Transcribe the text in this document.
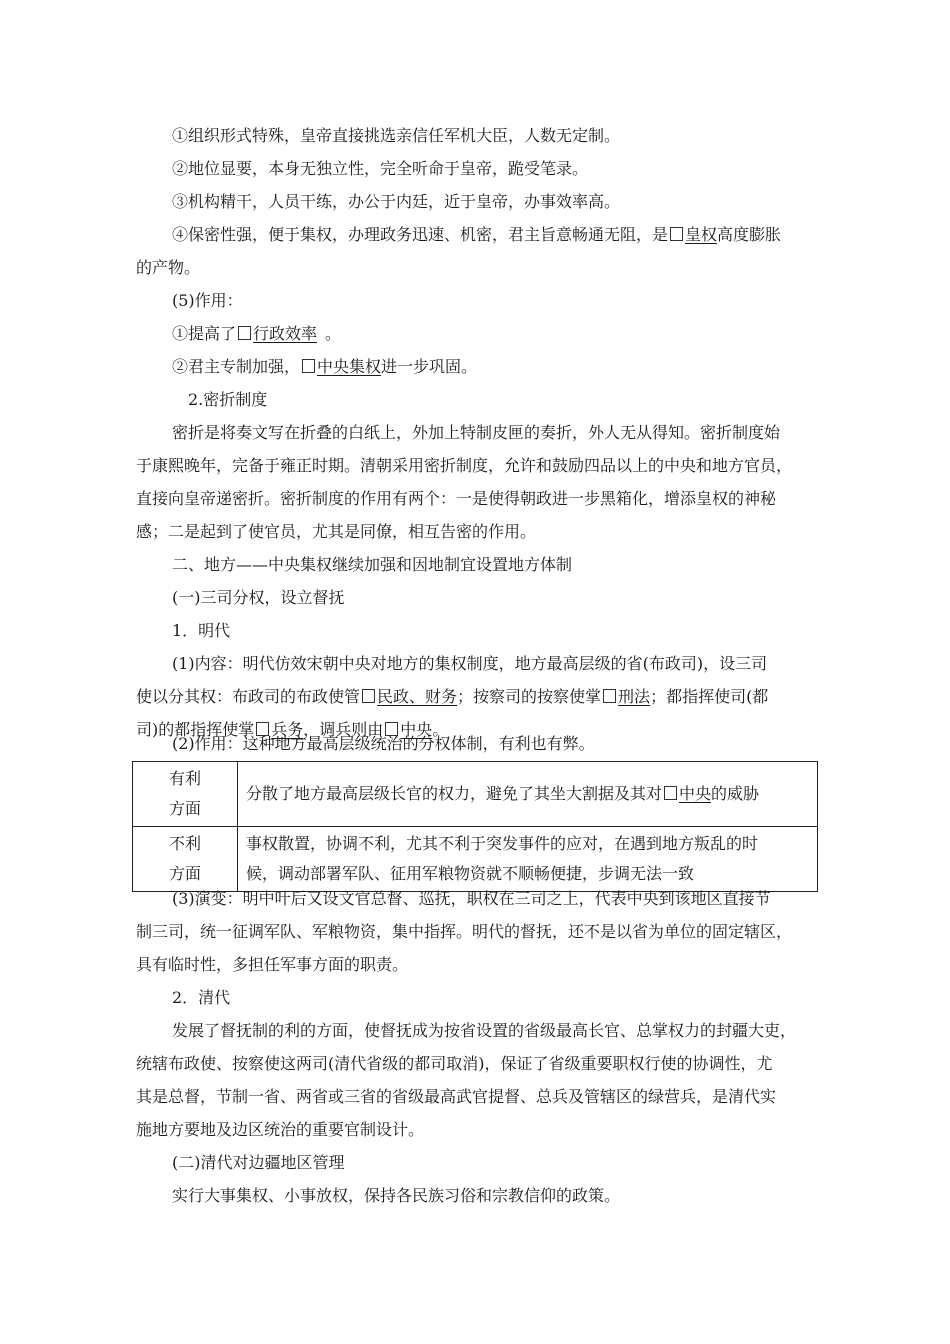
①组织形式特殊，皇帝直接挑选亲信任军机大臣，人数无定制。
②地位显要，本身无独立性，完全听命于皇帝，跪受笔录。
③机构精干，人员干练，办公于内廷，近于皇帝，办事效率高。
④保密性强，便于集权，办理政务迅速、机密，君主旨意畅通无阻，是 皇权高度膨胀
的产物。
(5)作用：
①提高了 行政效率 。
②君主专制加强， 中央集权进一步巩固。
2.密折制度
密折是将奏文写在折叠的白纸上，外加上特制皮匣的奏折，外人无从得知。密折制度始
于康熙晚年，完备于雍正时期。清朝采用密折制度，允许和鼓励四品以上的中央和地方官员，
直接向皇帝递密折。密折制度的作用有两个：一是使得朝政进一步黑箱化，增添皇权的神秘
感；二是起到了使官员，尤其是同僚，相互告密的作用。
二、地方——中央集权继续加强和因地制宜设置地方体制
(一)三司分权，设立督抚
1．明代
(1)内容：明代仿效宋朝中央对地方的集权制度，地方最高层级的省(布政司)，设三司
使以分其权：布政司的布政使管 民政、财务；按察司的按察使掌 刑法；都指挥使司(都
司)的都指挥使掌 兵务，调兵则由 中央。
(2)作用：这种地方最高层级统治的分权体制，有利也有弊。
有利
方面	分散了地方最高层级长官的权力，避免了其坐大割据及其对 中央的威胁
不利
方面	事权散置，协调不利，尤其不利于突发事件的应对，在遇到地方叛乱的时
候，调动部署军队、征用军粮物资就不顺畅便捷，步调无法一致
(3)演变：明中叶后又设文官总督、巡抚，职权在三司之上，代表中央到该地区直接节
制三司，统一征调军队、军粮物资，集中指挥。明代的督抚，还不是以省为单位的固定辖区，
具有临时性，多担任军事方面的职责。
2．清代
发展了督抚制的利的方面，使督抚成为按省设置的省级最高长官、总掌权力的封疆大吏，
统辖布政使、按察使这两司(清代省级的都司取消)，保证了省级重要职权行使的协调性，尤
其是总督，节制一省、两省或三省的省级最高武官提督、总兵及管辖区的绿营兵，是清代实
施地方要地及边区统治的重要官制设计。
(二)清代对边疆地区管理
实行大事集权、小事放权，保持各民族习俗和宗教信仰的政策。
